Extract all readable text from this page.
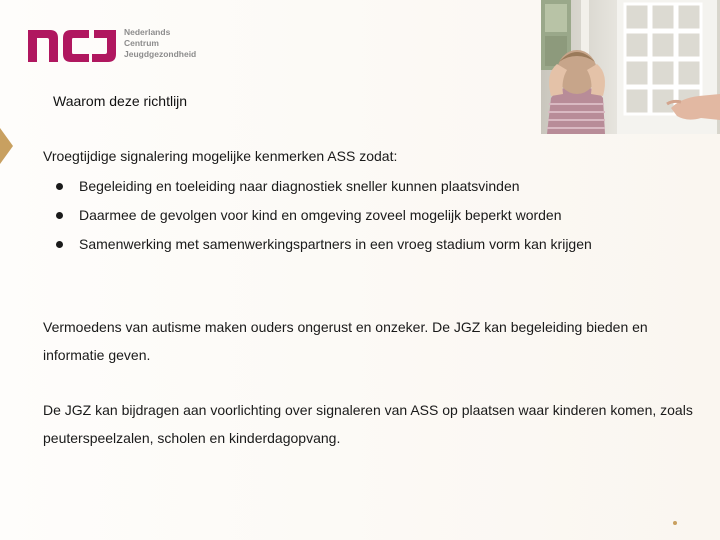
Nederlands
Centrum
Jeugdgezondheid
Waarom deze richtlijn
Vroegtijdige signalering mogelijke kenmerken ASS zodat:
Begeleiding en toeleiding naar diagnostiek sneller kunnen plaatsvinden
Daarmee de gevolgen voor kind en omgeving zoveel mogelijk beperkt worden
Samenwerking met samenwerkingspartners in een vroeg stadium vorm kan krijgen

Vermoedens van autisme maken ouders ongerust en onzeker. De JGZ kan begeleiding bieden en informatie geven.

De JGZ kan bijdragen aan voorlichting over signaleren van ASS op plaatsen waar kinderen komen, zoals peuterspeelzalen, scholen en kinderdagopvang.
